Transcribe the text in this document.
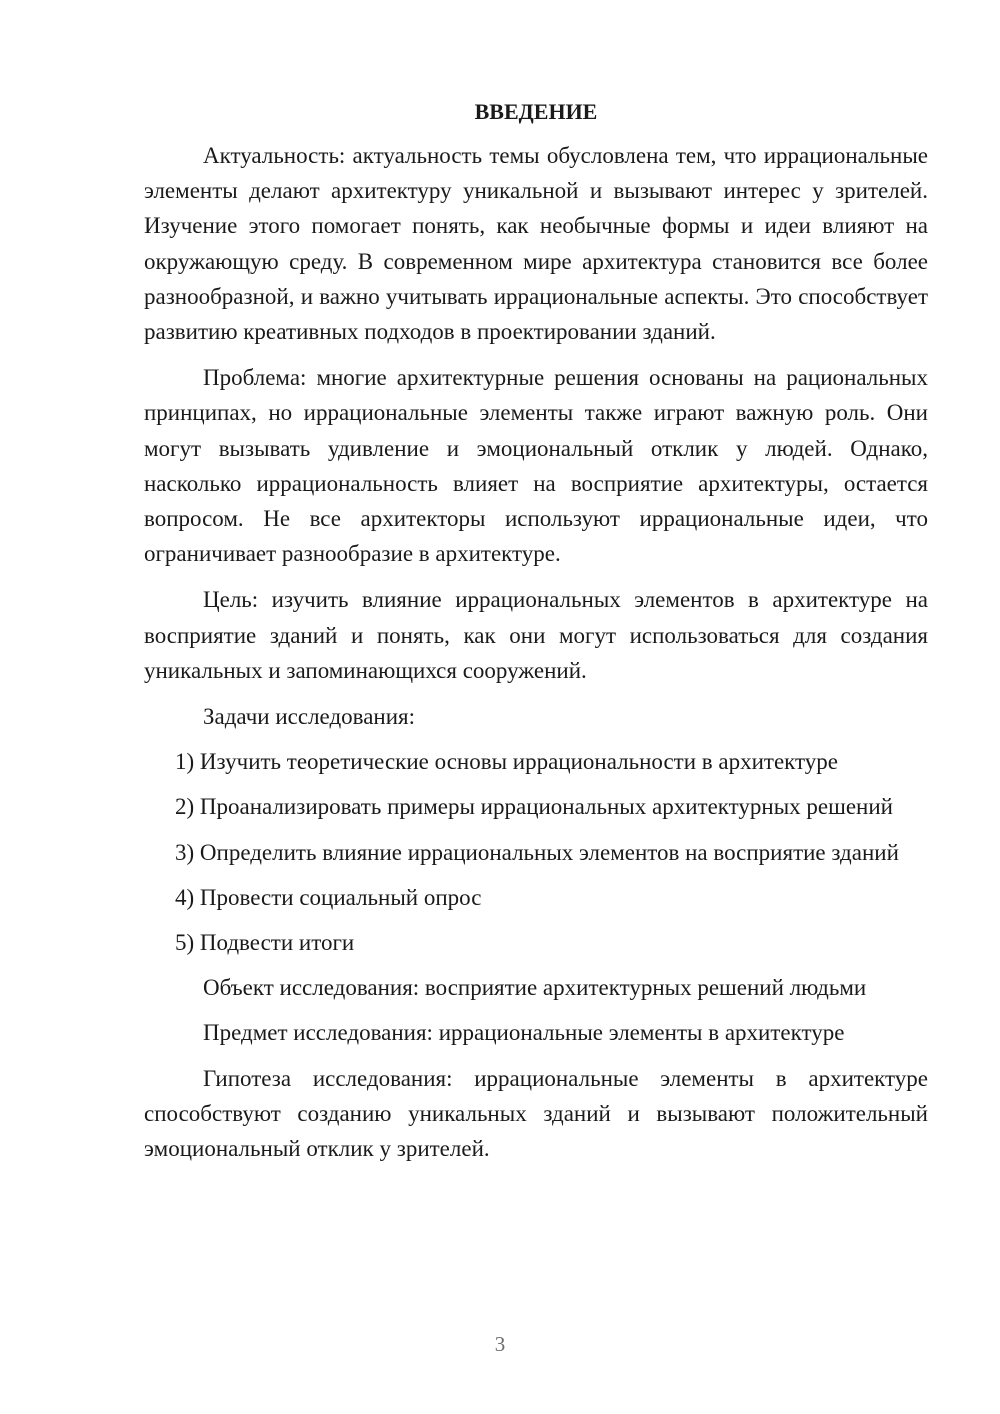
ВВЕДЕНИЕ

Актуальность: актуальность темы обусловлена тем, что иррациональные элементы делают архитектуру уникальной и вызывают интерес у зрителей. Изучение этого помогает понять, как необычные формы и идеи влияют на окружающую среду. В современном мире архитектура становится все более разнообразной, и важно учитывать иррациональные аспекты. Это способствует развитию креативных подходов в проектировании зданий.

Проблема: многие архитектурные решения основаны на рациональных принципах, но иррациональные элементы также играют важную роль. Они могут вызывать удивление и эмоциональный отклик у людей. Однако, насколько иррациональность влияет на восприятие архитектуры, остается вопросом. Не все архитекторы используют иррациональные идеи, что ограничивает разнообразие в архитектуре.

Цель: изучить влияние иррациональных элементов в архитектуре на восприятие зданий и понять, как они могут использоваться для создания уникальных и запоминающихся сооружений.

Задачи исследования:

1) Изучить теоретические основы иррациональности в архитектуре

2) Проанализировать примеры иррациональных архитектурных решений

3) Определить влияние иррациональных элементов на восприятие зданий

4) Провести социальный опрос

5) Подвести итоги

Объект исследования: восприятие архитектурных решений людьми

Предмет исследования: иррациональные элементы в архитектуре

Гипотеза исследования: иррациональные элементы в архитектуре способствуют созданию уникальных зданий и вызывают положительный эмоциональный отклик у зрителей.

3
